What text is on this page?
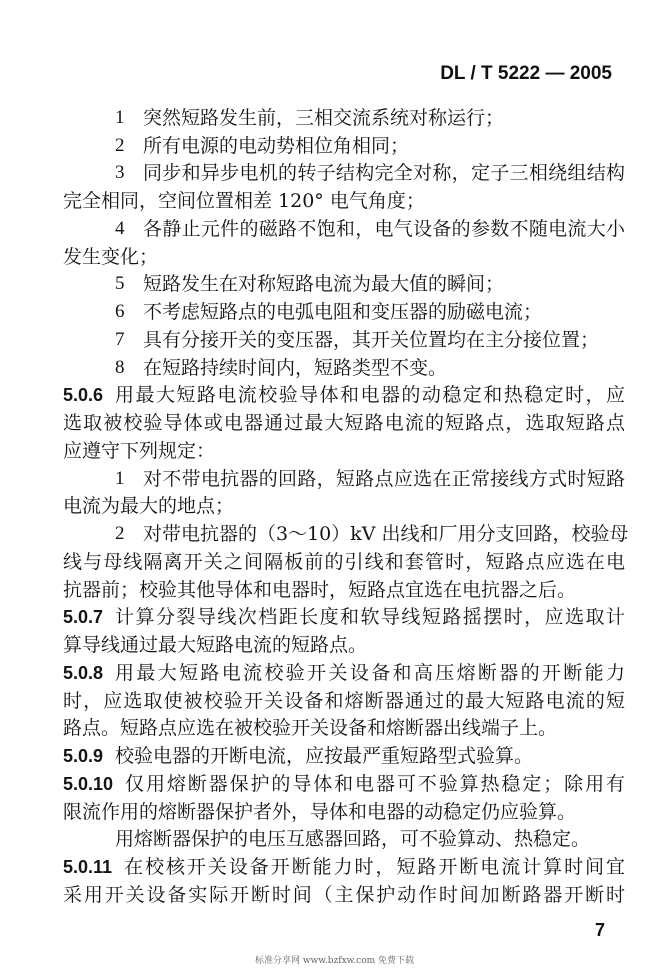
DL / T 5222 — 2005
1 突然短路发生前，三相交流系统对称运行；
2 所有电源的电动势相位角相同；
3 同步和异步电机的转子结构完全对称，定子三相绕组结构
完全相同，空间位置相差 120° 电气角度；
4 各静止元件的磁路不饱和，电气设备的参数不随电流大小
发生变化；
5 短路发生在对称短路电流为最大值的瞬间；
6 不考虑短路点的电弧电阻和变压器的励磁电流；
7 具有分接开关的变压器，其开关位置均在主分接位置；
8 在短路持续时间内，短路类型不变。
5.0.6 用最大短路电流校验导体和电器的动稳定和热稳定时，应
选取被校验导体或电器通过最大短路电流的短路点，选取短路点
应遵守下列规定：
1 对不带电抗器的回路，短路点应选在正常接线方式时短路
电流为最大的地点；
2 对带电抗器的（3～10）kV 出线和厂用分支回路，校验母
线与母线隔离开关之间隔板前的引线和套管时，短路点应选在电
抗器前；校验其他导体和电器时，短路点宜选在电抗器之后。
5.0.7 计算分裂导线次档距长度和软导线短路摇摆时，应选取计
算导线通过最大短路电流的短路点。
5.0.8 用最大短路电流校验开关设备和高压熔断器的开断能力
时，应选取使被校验开关设备和熔断器通过的最大短路电流的短
路点。短路点应选在被校验开关设备和熔断器出线端子上。
5.0.9 校验电器的开断电流，应按最严重短路型式验算。
5.0.10 仅用熔断器保护的导体和电器可不验算热稳定；除用有
限流作用的熔断器保护者外，导体和电器的动稳定仍应验算。
用熔断器保护的电压互感器回路，可不验算动、热稳定。
5.0.11 在校核开关设备开断能力时，短路开断电流计算时间宜
采用开关设备实际开断时间（主保护动作时间加断路器开断时
7
标准分享网 www.bzfxw.com 免费下载
